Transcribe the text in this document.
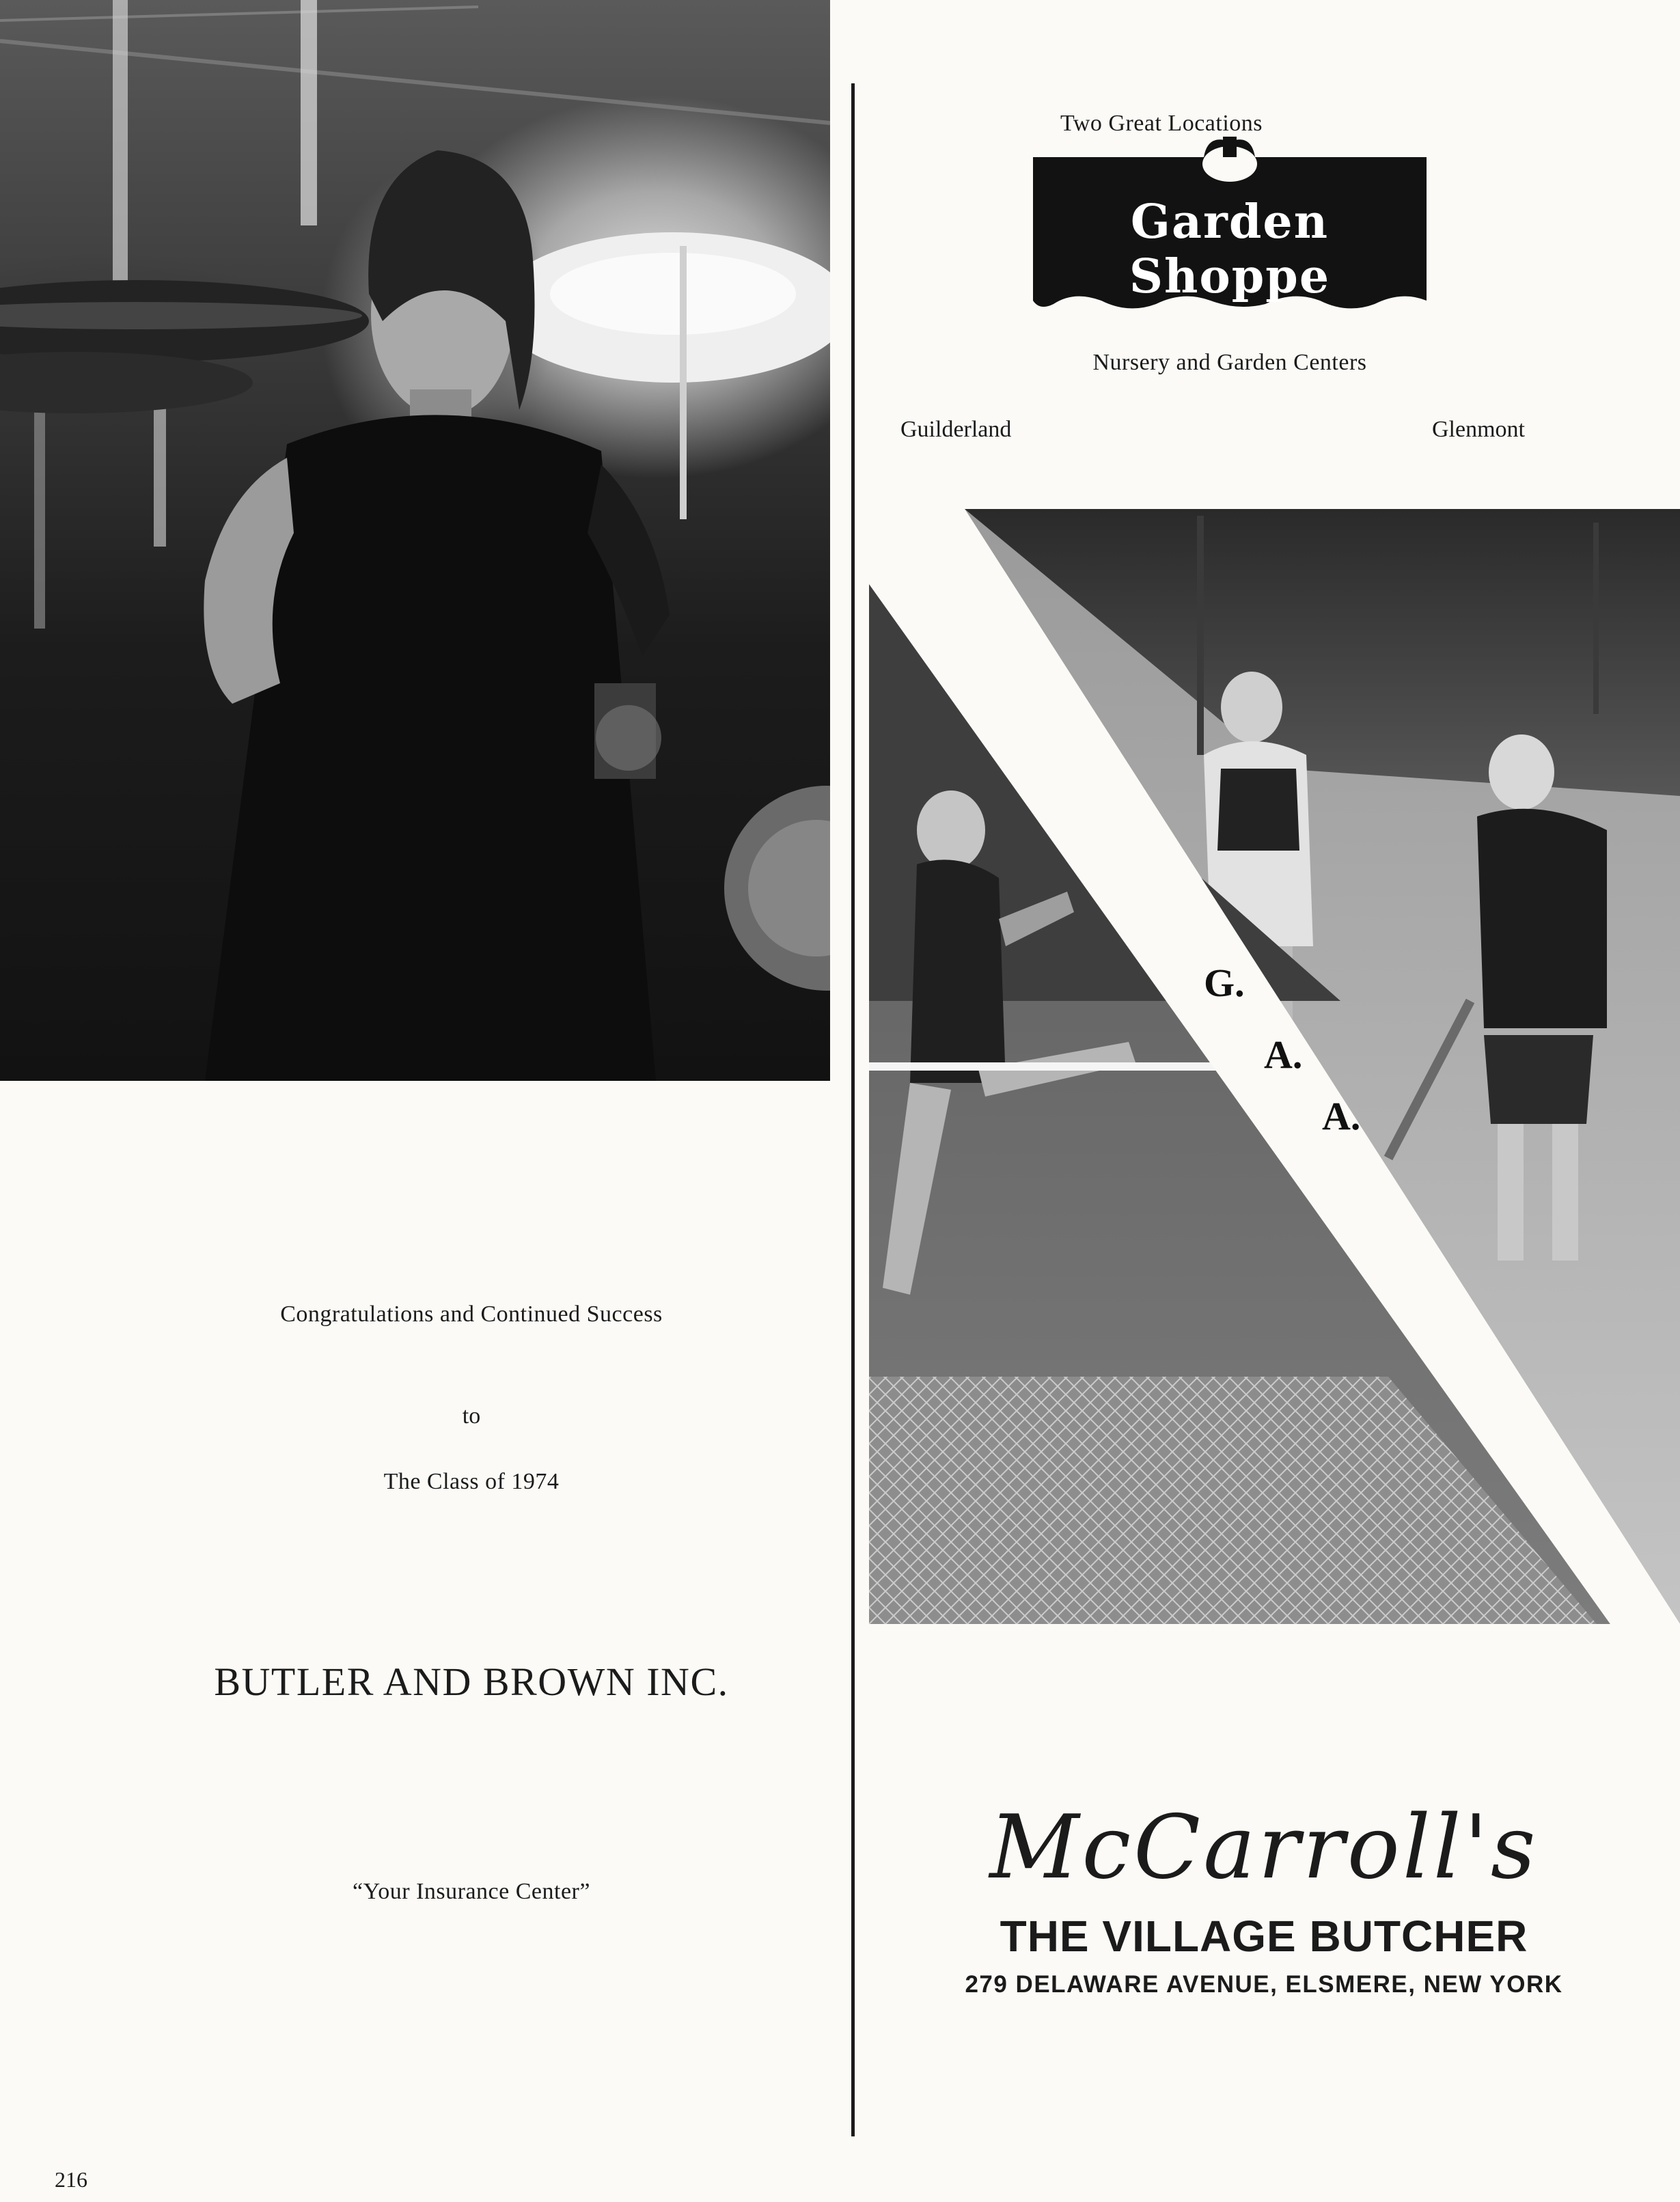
Congratulations and Continued Success
to
The Class of 1974
BUTLER AND BROWN INC.
“Your Insurance Center”
216
Two Great Locations
Garden Shoppe
Nursery and Garden Centers
Guilderland	Glenmont
G.
A.
A.
McCarroll's
THE VILLAGE BUTCHER
279 DELAWARE AVENUE, ELSMERE, NEW YORK
